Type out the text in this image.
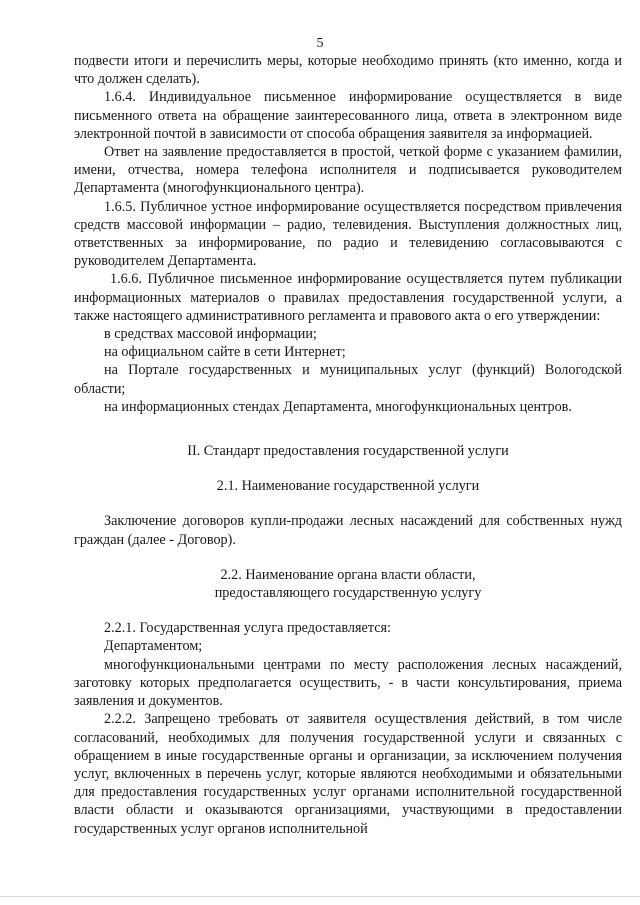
5

подвести итоги и перечислить меры, которые необходимо принять (кто именно, когда и что должен сделать).

1.6.4. Индивидуальное письменное информирование осуществляется в виде письменного ответа на обращение заинтересованного лица, ответа в электронном виде электронной почтой в зависимости от способа обращения заявителя за информацией.

Ответ на заявление предоставляется в простой, четкой форме с указанием фамилии, имени, отчества, номера телефона исполнителя и подписывается руководителем Департамента (многофункционального центра).

1.6.5. Публичное устное информирование осуществляется посредством привлечения средств массовой информации – радио, телевидения. Выступления должностных лиц, ответственных за информирование, по радио и телевидению согласовываются с руководителем Департамента.

1.6.6. Публичное письменное информирование осуществляется путем публикации информационных материалов о правилах предоставления государственной услуги, а также настоящего административного регламента и правового акта о его утверждении:

в средствах массовой информации;

на официальном сайте в сети Интернет;

на Портале государственных и муниципальных услуг (функций) Вологодской области;

на информационных стендах Департамента, многофункциональных центров.

II. Стандарт предоставления государственной услуги

2.1. Наименование государственной услуги

Заключение договоров купли-продажи лесных насаждений для собственных нужд граждан (далее - Договор).

2.2. Наименование органа власти области,

предоставляющего государственную услугу

2.2.1. Государственная услуга предоставляется:

Департаментом;

многофункциональными центрами по месту расположения лесных насаждений, заготовку которых предполагается осуществить, - в части консультирования, приема заявления и документов.

2.2.2. Запрещено требовать от заявителя осуществления действий, в том числе согласований, необходимых для получения государственной услуги и связанных с обращением в иные государственные органы и организации, за исключением получения услуг, включенных в перечень услуг, которые являются необходимыми и обязательными для предоставления государственных услуг органами исполнительной государственной власти области и оказываются организациями, участвующими в предоставлении государственных услуг органов исполнительной
